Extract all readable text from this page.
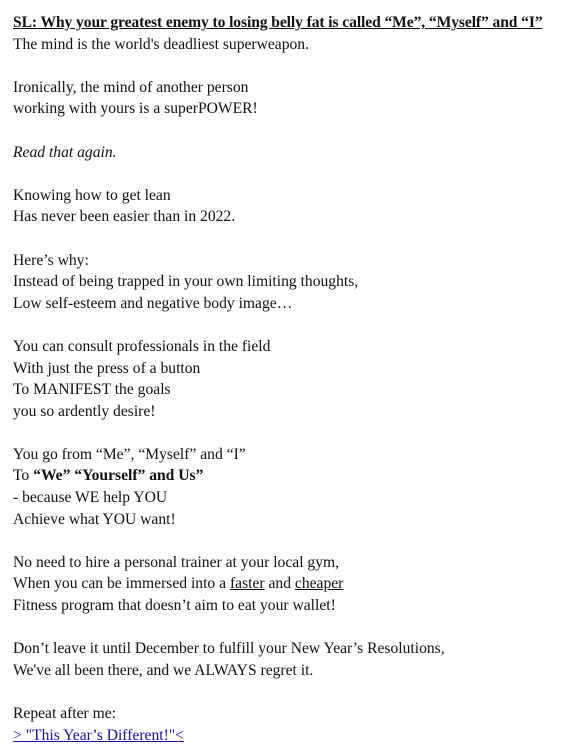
SL: Why your greatest enemy to losing belly fat is called “Me”, “Myself” and “I”
The mind is the world's deadliest superweapon.
Ironically, the mind of another person
working with yours is a superPOWER!
Read that again.
Knowing how to get lean
Has never been easier than in 2022.
Here’s why:
Instead of being trapped in your own limiting thoughts,
Low self-esteem and negative body image…
You can consult professionals in the field
With just the press of a button
To MANIFEST the goals
you so ardently desire!
You go from “Me”, “Myself” and “I”
To “We” “Yourself” and Us”
- because WE help YOU
Achieve what YOU want!
No need to hire a personal trainer at your local gym,
When you can be immersed into a faster and cheaper
Fitness program that doesn’t aim to eat your wallet!
Don’t leave it until December to fulfill your New Year’s Resolutions,
We've all been there, and we ALWAYS regret it.
Repeat after me:
> "This Year’s Different!"<
